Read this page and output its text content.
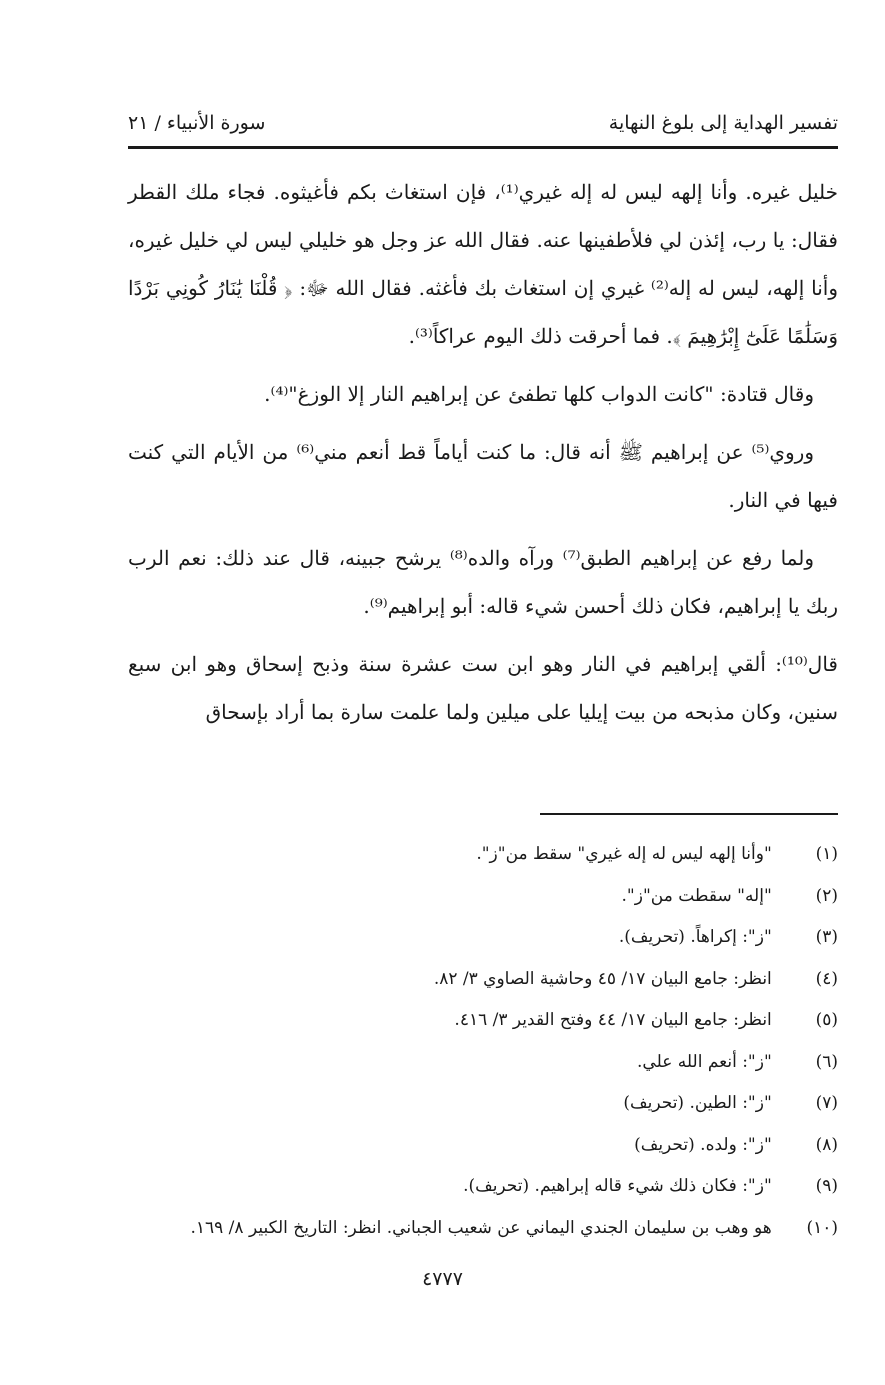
تفسير الهداية إلى بلوغ النهاية
سورة الأنبياء / ٢١

خليل غيره. وأنا إلهه ليس له إله غيري⁽¹⁾، فإن استغاث بكم فأغيثوه. فجاء ملك القطر فقال: يا رب، إئذن لي فلأطفينها عنه. فقال الله عز وجل هو خليلي ليس لي خليل غيره، وأنا إلهه، ليس له إله⁽²⁾ غيري إن استغاث بك فأغثه. فقال الله ﷻ: ﴿ قُلْنَا يَٰنَارُ كُونِي بَرْدًا وَسَلَٰمًا عَلَىٰٓ إِبْرَٰهِيمَ ﴾. فما أحرقت ذلك اليوم عراكاً⁽³⁾.

وقال قتادة: "كانت الدواب كلها تطفئ عن إبراهيم النار إلا الوزغ"⁽⁴⁾.

وروي⁽⁵⁾ عن إبراهيم ﷺ أنه قال: ما كنت أياماً قط أنعم مني⁽⁶⁾ من الأيام التي كنت فيها في النار.

ولما رفع عن إبراهيم الطبق⁽⁷⁾ ورآه والده⁽⁸⁾ يرشح جبينه، قال عند ذلك: نعم الرب ربك يا إبراهيم، فكان ذلك أحسن شيء قاله: أبو إبراهيم⁽⁹⁾.

قال⁽¹⁰⁾: ألقي إبراهيم في النار وهو ابن ست عشرة سنة وذبح إسحاق وهو ابن سبع سنين، وكان مذبحه من بيت إيليا على ميلين ولما علمت سارة بما أراد بإسحاق

(١)   "وأنا إلهه ليس له إله غيري" سقط من"ز".
(٢)   "إله" سقطت من"ز".
(٣)   "ز": إكراهاً. (تحريف).
(٤)   انظر: جامع البيان ١٧/ ٤٥ وحاشية الصاوي ٣/ ٨٢.
(٥)   انظر: جامع البيان ١٧/ ٤٤ وفتح القدير ٣/ ٤١٦.
(٦)   "ز": أنعم الله علي.
(٧)   "ز": الطين. (تحريف)
(٨)   "ز": ولده. (تحريف)
(٩)   "ز": فكان ذلك شيء قاله إبراهيم. (تحريف).
(١٠)   هو وهب بن سليمان الجندي اليماني عن شعيب الجباني. انظر: التاريخ الكبير ٨/ ١٦٩.
٤٧٧٧
